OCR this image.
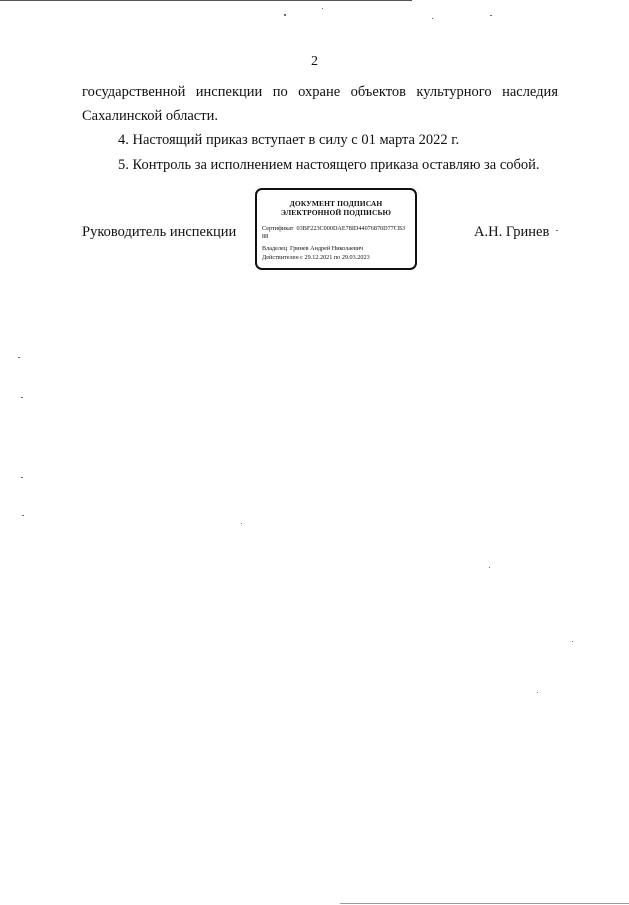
2
государственной инспекции по охране объектов культурного наследия
Сахалинской области.
4. Настоящий приказ вступает в силу с 01 марта 2022 г.
5. Контроль за исполнением настоящего приказа оставляю за собой.
Руководитель инспекции
ДОКУМЕНТ ПОДПИСАН
ЭЛЕКТРОННОЙ ПОДПИСЬЮ
Сертификат 03BF223C000DAE78ID44076870D77CB3
88
Владелец Гринев Андрей Николаевич
Действителен с 29.12.2021 по 29.03.2023
А.Н. Гринев
